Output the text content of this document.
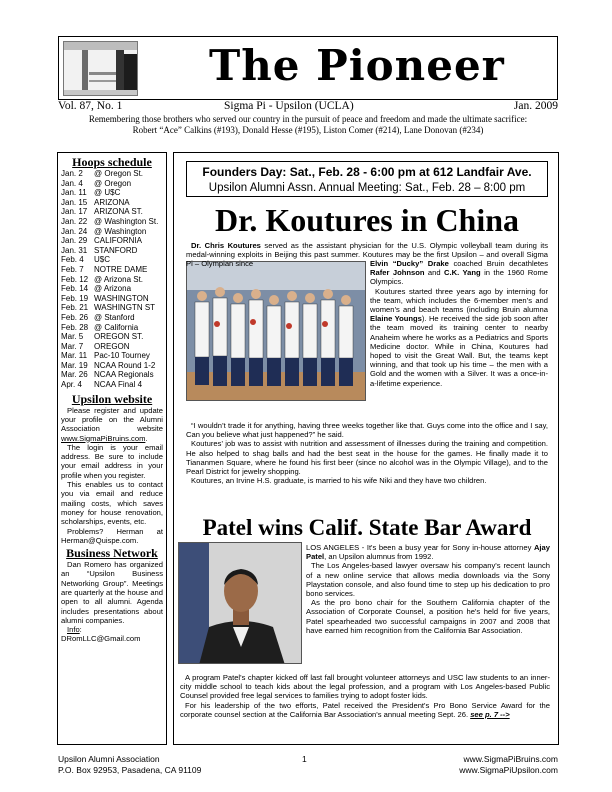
The Pioneer
Vol. 87, No. 1	Sigma Pi - Upsilon (UCLA)	Jan. 2009
Remembering those brothers who served our country in the pursuit of peace and freedom and made the ultimate sacrifice:
Robert “Ace” Calkins (#193), Donald Hesse (#195), Liston Comer (#214), Lane Donovan (#234)
Hoops schedule
Jan. 2	@ Oregon St.
Jan. 4	@ Oregon
Jan. 11 @ U$C
Jan. 15 ARIZONA
Jan. 17 ARIZONA ST.
Jan. 22 @ Washington St.
Jan. 24 @ Washington
Jan. 29 CALIFORNIA
Jan. 31 STANFORD
Feb. 4	U$C
Feb. 7	NOTRE DAME
Feb. 12 @ Arizona St.
Feb. 14 @ Arizona
Feb. 19 WASHINGTON
Feb. 21 WASHINGTN ST
Feb. 26 @ Stanford
Feb. 28 @ California
Mar. 5	OREGON ST.
Mar. 7	OREGON
Mar. 11 Pac-10 Tourney
Mar. 19 NCAA Round 1-2
Mar. 26 NCAA Regionals
Apr. 4	NCAA Final 4
Upsilon website
Please register and update your profile on the Alumni Association website www.SigmaPiBruins.com.
The login is your email address. Be sure to include your email address in your profile when you register.
This enables us to contact you via email and reduce mailing costs, which saves money for house renovation, scholarships, events, etc.
Problems? Herman at Herman@Quispe.com.
Business Network
Dan Romero has organized an “Upsilon Business Networking Group”. Meetings are quarterly at the house and open to all alumni. Agenda includes presentations about alumni companies.
Info: DRomLLC@Gmail.com
Founders Day: Sat., Feb. 28 - 6:00 pm at 612 Landfair Ave.
Upsilon Alumni Assn. Annual Meeting: Sat., Feb. 28 – 8:00 pm
Dr. Koutures in China

Dr. Chris Koutures served as the assistant physician for the U.S. Olympic volleyball team during its medal-winning exploits in Beijing this past summer. Koutures may be the first Upsilon – and overall Sigma Pi – Olympian since	Elvin “Ducky” Drake coached Bruin decathletes Rafer Johnson and C.K. Yang in the 1960 Rome Olympics.

Koutures started three years ago by interning for the team, which includes the 6-member men’s and women’s and beach teams (including Bruin alumna Elaine Youngs). He received the side job soon after the team moved its training center to nearby Anaheim where he works as a Pediatrics and Sports Medicine doctor. While in China, Koutures had hoped to visit the Great Wall. But, the teams kept winning, and that took up his time – the men with a Gold and the women with a Silver. It was a once-in-a-lifetime experience.

“I wouldn’t trade it for anything, having three weeks together like that. Guys come into the office and I say, Can you believe what just happened?” he said.

Koutures’ job was to assist with nutrition and assessment of illnesses during the training and competition. He also helped to shag balls and had the best seat in the house for the games. He finally made it to Tiananmen Square, where he found his first beer (since no alcohol was in the Olympic Village), and to the Pearl District for jewelry shopping.

Koutures, an Irvine H.S. graduate, is married to his wife Niki and they have two children.

Patel wins Calif. State Bar Award

LOS ANGELES - It's been a busy year for Sony in-house attorney Ajay Patel, an Upsilon alumnus from 1992.

The Los Angeles-based lawyer oversaw his company's recent launch of a new online service that allows media downloads via the Sony Playstation console, and also found time to step up his dedication to pro bono services.

As the pro bono chair for the Southern California chapter of the Association of Corporate Counsel, a position he's held for five years, Patel spearheaded two successful campaigns in 2007 and 2008 that have earned him recognition from the California Bar Association.

A program Patel's chapter kicked off last fall brought volunteer attorneys and USC law students to an inner-city middle school to teach kids about the legal profession, and a program with Los Angeles-based Public Counsel provided free legal services to families trying to adopt foster kids.

For his leadership of the two efforts, Patel received the President's Pro Bono Service Award for the corporate counsel section at the California Bar Association's annual meeting Sept. 26. see p. 7 -->

Upsilon Alumni Association
P.O. Box 92953, Pasadena, CA 91109
1	www.SigmaPiBruins.com
www.SigmaPiUpsilon.com
